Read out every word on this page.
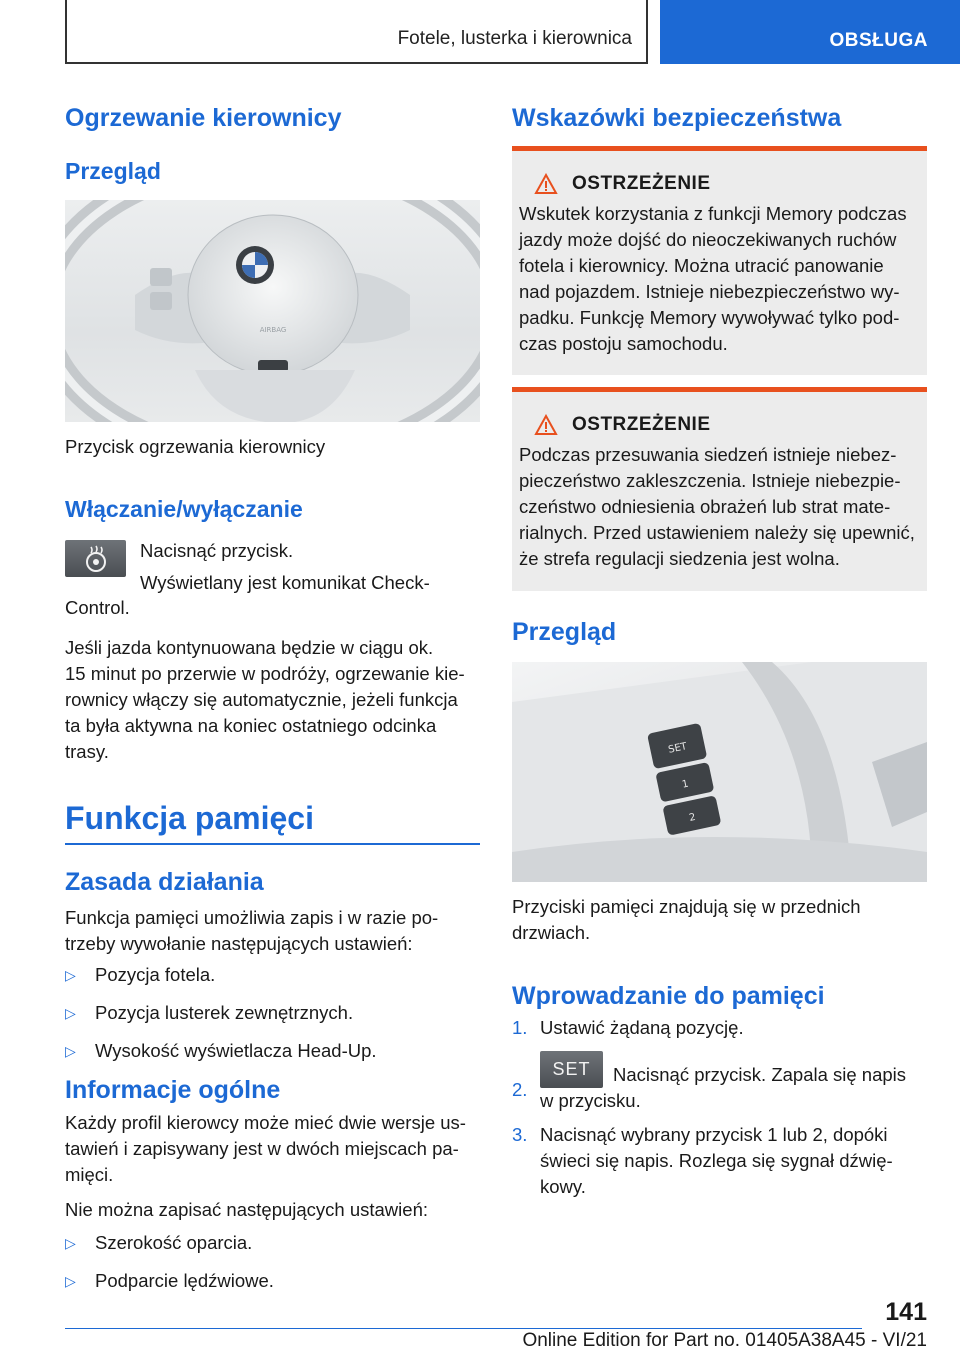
Fotele, lusterka i kierownica	OBSŁUGA
Ogrzewanie kierownicy
Przegląd
AIRBAG
Przycisk ogrzewania kierownicy
Włączanie/wyłączanie
Nacisnąć przycisk.
Wyświetlany jest komunikat Check-
Control.
Jeśli jazda kontynuowana będzie w ciągu ok.
15 minut po przerwie w podróży, ogrzewanie kie-
rownicy włączy się automatycznie, jeżeli funkcja
ta była aktywna na koniec ostatniego odcinka
trasy.
Funkcja pamięci
Zasada działania
Funkcja pamięci umożliwia zapis i w razie po-
trzeby wywołanie następujących ustawień:
▷	Pozycja fotela.
▷	Pozycja lusterek zewnętrznych.
▷	Wysokość wyświetlacza Head-Up.
Informacje ogólne
Każdy profil kierowcy może mieć dwie wersje us-
tawień i zapisywany jest w dwóch miejscach pa-
mięci.
Nie można zapisać następujących ustawień:
▷	Szerokość oparcia.
▷	Podparcie lędźwiowe.
Wskazówki bezpieczeństwa
OSTRZEŻENIE
Wskutek korzystania z funkcji Memory podczas
jazdy może dojść do nieoczekiwanych ruchów
fotela i kierownicy. Można utracić panowanie
nad pojazdem. Istnieje niebezpieczeństwo wy-
padku. Funkcję Memory wywoływać tylko pod-
czas postoju samochodu.
OSTRZEŻENIE
Podczas przesuwania siedzeń istnieje niebez-
pieczeństwo zakleszczenia. Istnieje niebezpie-
czeństwo odniesienia obrażeń lub strat mate-
rialnych. Przed ustawieniem należy się upewnić,
że strefa regulacji siedzenia jest wolna.
Przegląd
SET
1
2
Przyciski pamięci znajdują się w przednich
drzwiach.
Wprowadzanie do pamięci
1. Ustawić żądaną pozycję.
2.
SET Nacisnąć przycisk. Zapala się napis
w przycisku.
3. Nacisnąć wybrany przycisk 1 lub 2, dopóki
świeci się napis. Rozlega się sygnał dźwię-
kowy.
141
Online Edition for Part no. 01405A38A45 - VI/21
